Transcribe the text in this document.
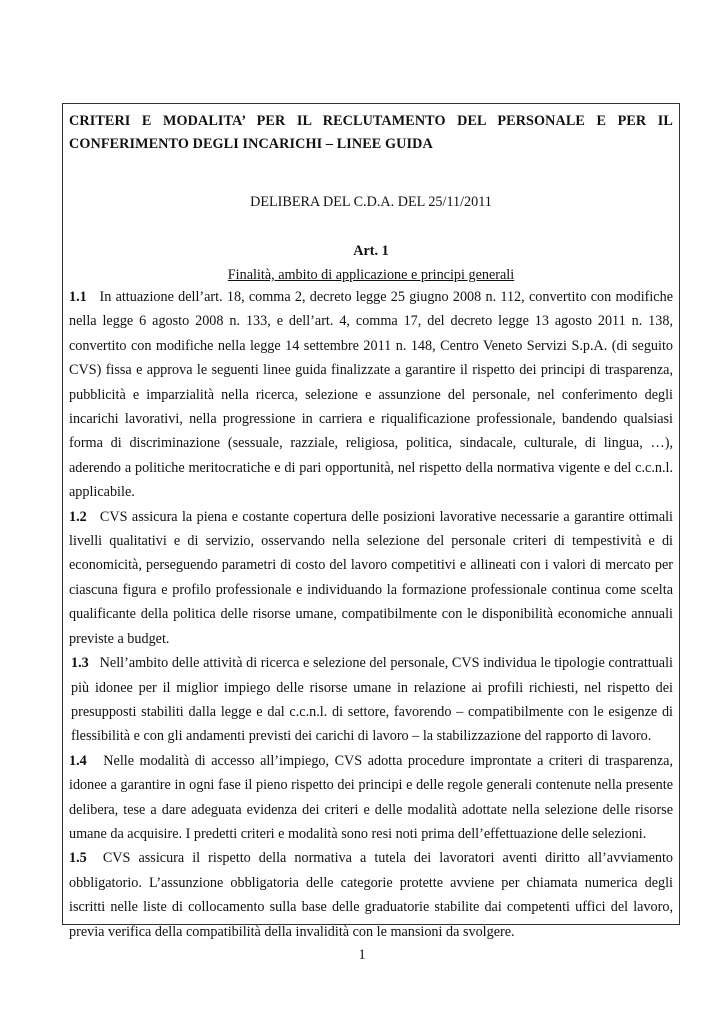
CRITERI E MODALITA’ PER IL RECLUTAMENTO DEL PERSONALE E PER IL
CONFERIMENTO DEGLI INCARICHI – LINEE GUIDA

DELIBERA DEL C.D.A. DEL 25/11/2011

Art. 1

Finalità, ambito di applicazione e principi generali

1.1 In attuazione dell’art. 18, comma 2, decreto legge 25 giugno 2008 n. 112, convertito con modifiche nella legge 6 agosto 2008 n. 133, e dell’art. 4, comma 17, del decreto legge 13 agosto 2011 n. 138, convertito con modifiche nella legge 14 settembre 2011 n. 148, Centro Veneto Servizi S.p.A. (di seguito CVS) fissa e approva le seguenti linee guida finalizzate a garantire il rispetto dei principi di trasparenza, pubblicità e imparzialità nella ricerca, selezione e assunzione del personale, nel conferimento degli incarichi lavorativi, nella progressione in carriera e riqualificazione professionale, bandendo qualsiasi forma di discriminazione (sessuale, razziale, religiosa, politica, sindacale, culturale, di lingua, …), aderendo a politiche meritocratiche e di pari opportunità, nel rispetto della normativa vigente e del c.c.n.l. applicabile.

1.2 CVS assicura la piena e costante copertura delle posizioni lavorative necessarie a garantire ottimali livelli qualitativi e di servizio, osservando nella selezione del personale criteri di tempestività e di economicità, perseguendo parametri di costo del lavoro competitivi e allineati con i valori di mercato per ciascuna figura e profilo professionale e individuando la formazione professionale continua come scelta qualificante della politica delle risorse umane, compatibilmente con le disponibilità economiche annuali previste a budget.

1.3 Nell’ambito delle attività di ricerca e selezione del personale, CVS individua le tipologie contrattuali più idonee per il miglior impiego delle risorse umane in relazione ai profili richiesti, nel rispetto dei presupposti stabiliti dalla legge e dal c.c.n.l. di settore, favorendo – compatibilmente con le esigenze di flessibilità e con gli andamenti previsti dei carichi di lavoro – la stabilizzazione del rapporto di lavoro.

1.4 Nelle modalità di accesso all’impiego, CVS adotta procedure improntate a criteri di trasparenza, idonee a garantire in ogni fase il pieno rispetto dei principi e delle regole generali contenute nella presente delibera, tese a dare adeguata evidenza dei criteri e delle modalità adottate nella selezione delle risorse umane da acquisire. I predetti criteri e modalità sono resi noti prima dell’effettuazione delle selezioni.

1.5 CVS assicura il rispetto della normativa a tutela dei lavoratori aventi diritto all’avviamento obbligatorio. L’assunzione obbligatoria delle categorie protette avviene per chiamata numerica degli iscritti nelle liste di collocamento sulla base delle graduatorie stabilite dai competenti uffici del lavoro, previa verifica della compatibilità della invalidità con le mansioni da svolgere.

1
